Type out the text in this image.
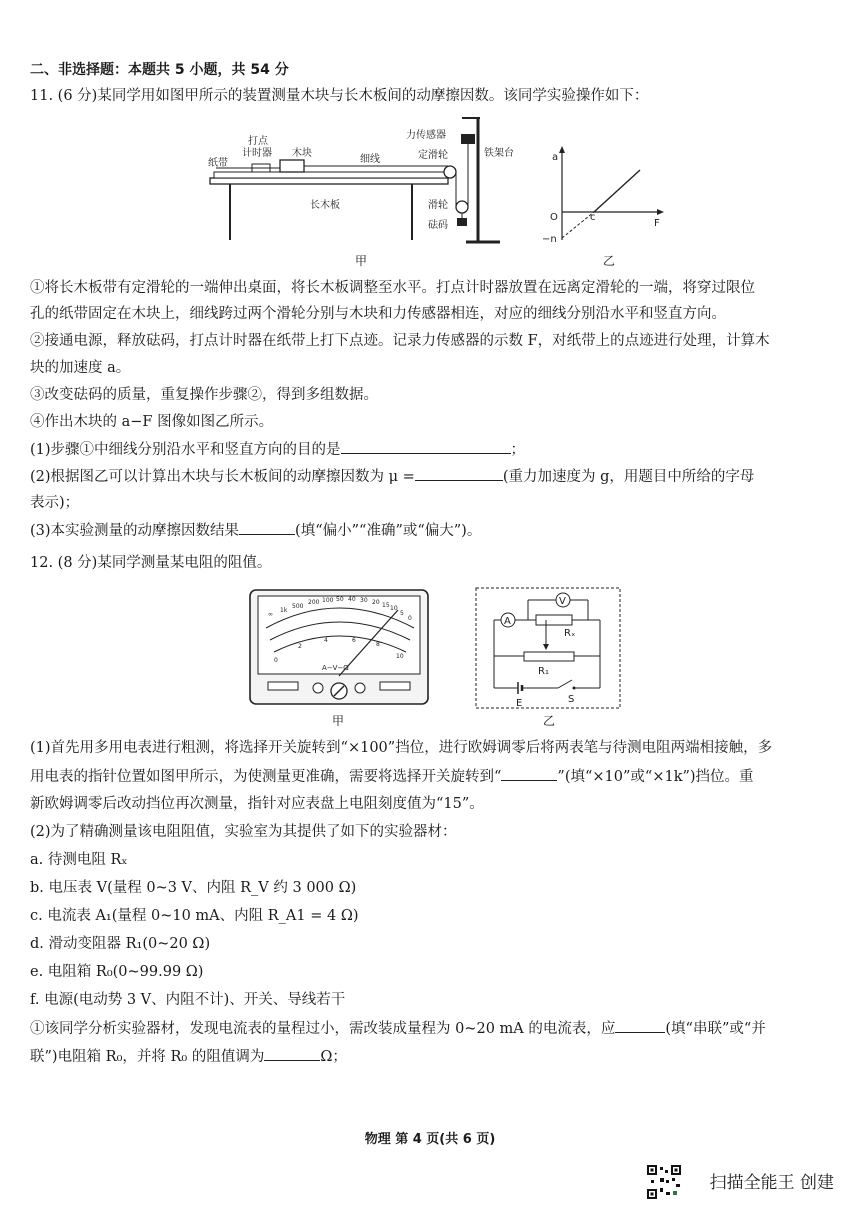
二、非选择题：本题共 5 小题，共 54 分
11. (6 分)某同学用如图甲所示的装置测量木块与长木板间的动摩擦因数。该同学实验操作如下：
纸带
打点
计时器 木块
细线	定滑轮
力传感器
铁架台
长木板	滑轮
砝码
甲
a
O	c
F
−n
乙
①将长木板带有定滑轮的一端伸出桌面，将长木板调整至水平。打点计时器放置在远离定滑轮的一端，将穿过限位
孔的纸带固定在木块上，细线跨过两个滑轮分别与木块和力传感器相连，对应的细线分别沿水平和竖直方向。
②接通电源，释放砝码，打点计时器在纸带上打下点迹。记录力传感器的示数 F，对纸带上的点迹进行处理，计算木
块的加速度 a。
③改变砝码的质量，重复操作步骤②，得到多组数据。
④作出木块的 a−F 图像如图乙所示。
(1)步骤①中细线分别沿水平和竖直方向的目的是	；
(2)根据图乙可以计算出木块与长木板间的动摩擦因数为 μ =	(重力加速度为 g，用题目中所给的字母
表示)；
(3)本实验测量的动摩擦因数结果	(填“偏小”“准确”或“偏大”)。
12. (8 分)某同学测量某电阻的阻值。
∞
1k
500
200 100 50 40 30 20 15 10
5
0
0
2
4	6
8
10
A−V−Ω
甲
A
Rₓ
V
R₁
E	S
乙
(1)首先用多用电表进行粗测，将选择开关旋转到“×100”挡位，进行欧姆调零后将两表笔与待测电阻两端相接触，多
用电表的指针位置如图甲所示，为使测量更准确，需要将选择开关旋转到“	”(填“×10”或“×1k”)挡位。重
新欧姆调零后改动挡位再次测量，指针对应表盘上电阻刻度值为“15”。
(2)为了精确测量该电阻阻值，实验室为其提供了如下的实验器材：
a. 待测电阻 Rₓ
b. 电压表 V(量程 0~3 V、内阻 R_V 约 3 000 Ω)
c. 电流表 A₁(量程 0~10 mA、内阻 R_A1 = 4 Ω)
d. 滑动变阻器 R₁(0~20 Ω)
e. 电阻箱 R₀(0~99.99 Ω)
f. 电源(电动势 3 V、内阻不计)、开关、导线若干
①该同学分析实验器材，发现电流表的量程过小，需改装成量程为 0~20 mA 的电流表，应	(填“串联”或“并
联”)电阻箱 R₀，并将 R₀ 的阻值调为	Ω；
物理 第 4 页(共 6 页)
扫描全能王 创建
